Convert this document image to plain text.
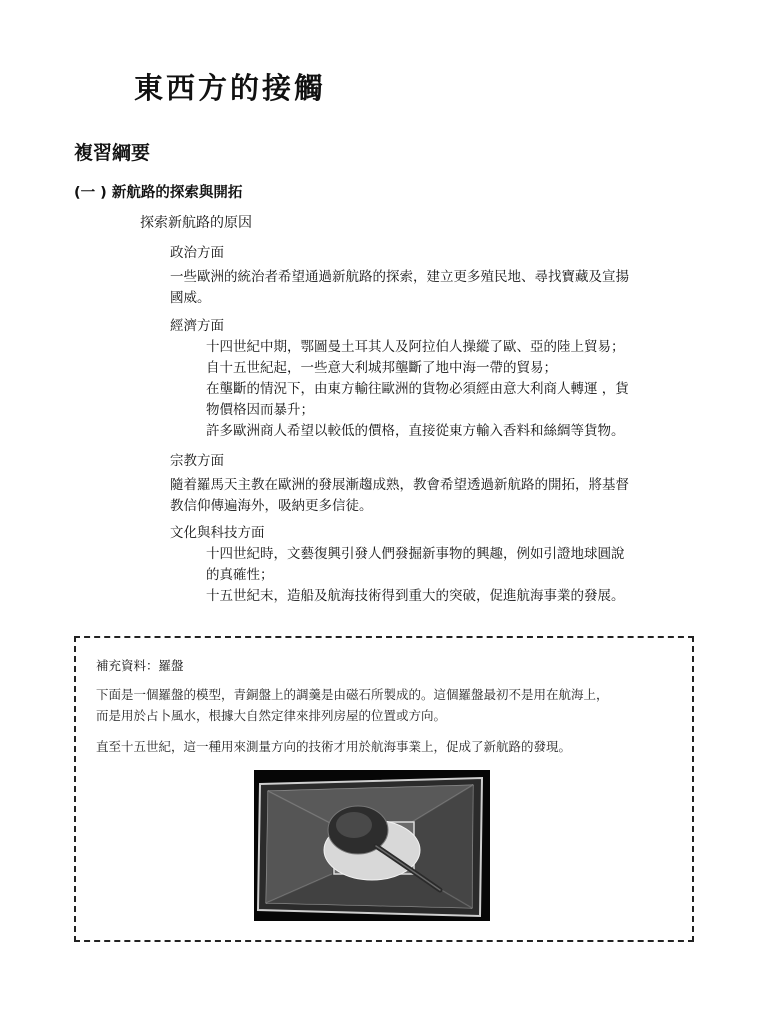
東西方的接觸
複習綱要
(一 ) 新航路的探索與開拓
探索新航路的原因
政治方面
一些歐洲的統治者希望通過新航路的探索，建立更多殖民地、尋找寶藏及宣揚
國威。
經濟方面
十四世紀中期，鄂圖曼土耳其人及阿拉伯人操縱了歐、亞的陸上貿易；
自十五世紀起，一些意大利城邦壟斷了地中海一帶的貿易；
在壟斷的情況下，由東方輸往歐洲的貨物必須經由意大利商人轉運 ，貨
物價格因而暴升；
許多歐洲商人希望以較低的價格，直接從東方輸入香料和絲綢等貨物。
宗教方面
隨着羅馬天主教在歐洲的發展漸趨成熟，教會希望透過新航路的開拓，將基督
教信仰傳遍海外，吸納更多信徒。
文化與科技方面
十四世紀時，文藝復興引發人們發掘新事物的興趣，例如引證地球圓說
的真確性；
十五世紀末，造船及航海技術得到重大的突破，促進航海事業的發展。
補充資料：羅盤
下面是一個羅盤的模型，青銅盤上的調羹是由磁石所製成的。這個羅盤最初不是用在航海上，
而是用於占卜風水，根據大自然定律來排列房屋的位置或方向。
直至十五世紀，這一種用來測量方向的技術才用於航海事業上，促成了新航路的發現。
